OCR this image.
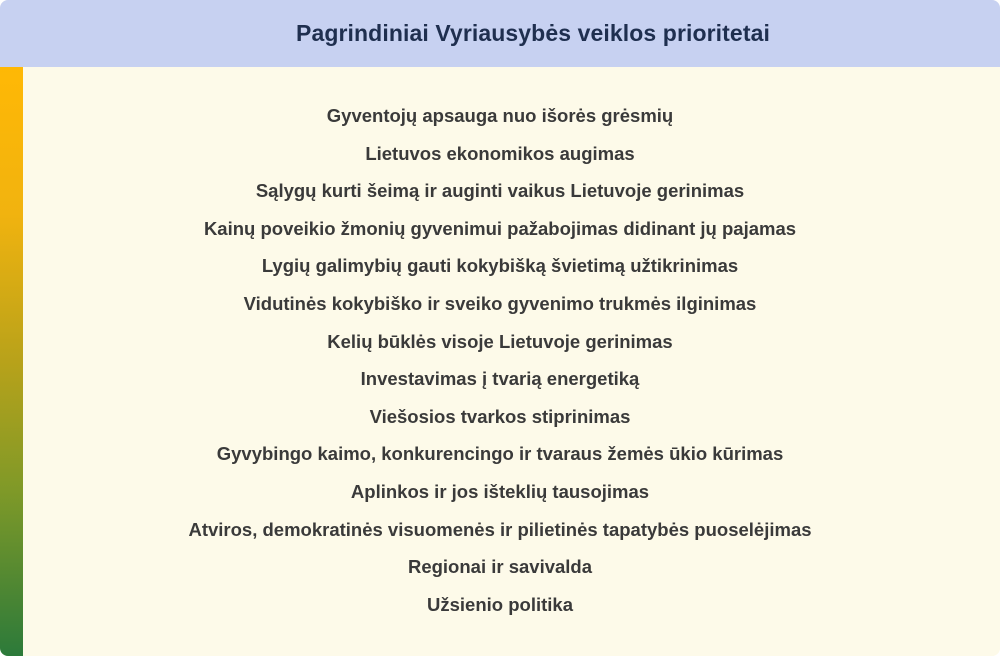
Pagrindiniai Vyriausybės veiklos prioritetai
Gyventojų apsauga nuo išorės grėsmių
Lietuvos ekonomikos augimas
Sąlygų kurti šeimą ir auginti vaikus Lietuvoje gerinimas
Kainų poveikio žmonių gyvenimui pažabojimas didinant jų pajamas
Lygių galimybių gauti kokybišką švietimą užtikrinimas
Vidutinės kokybiško ir sveiko gyvenimo trukmės ilginimas
Kelių būklės visoje Lietuvoje gerinimas
Investavimas į tvarią energetiką
Viešosios tvarkos stiprinimas
Gyvybingo kaimo, konkurencingo ir tvaraus žemės ūkio kūrimas
Aplinkos ir jos išteklių tausojimas
Atviros, demokratinės visuomenės ir pilietinės tapatybės puoselėjimas
Regionai ir savivalda
Užsienio politika
